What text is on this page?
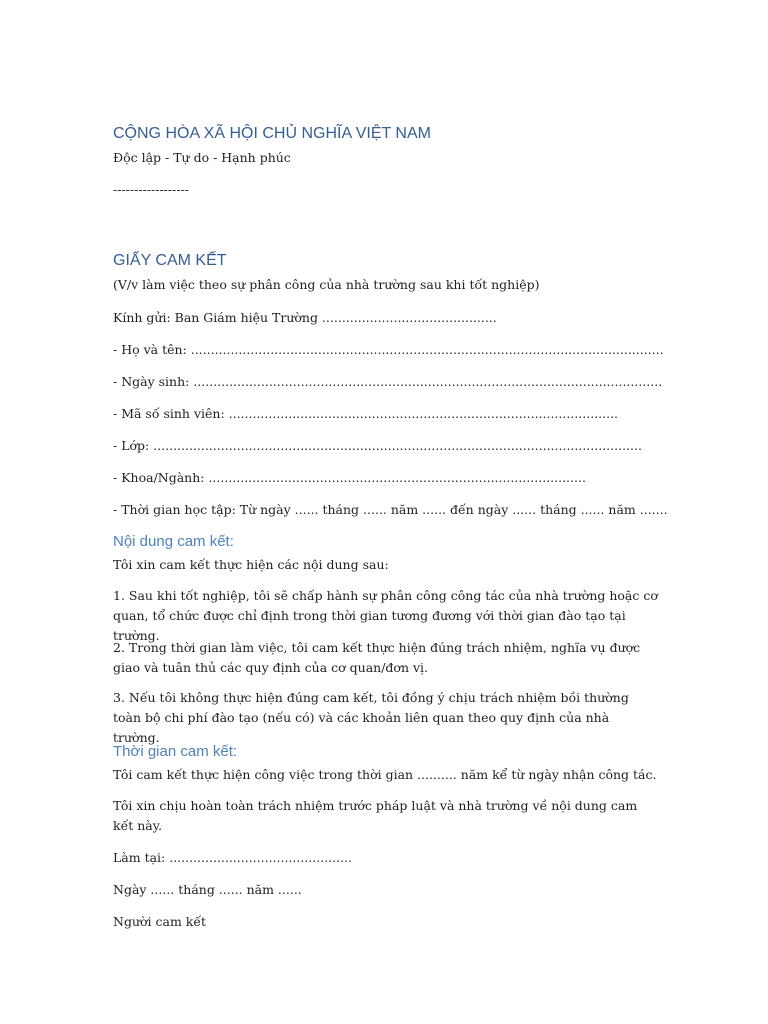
CỘNG HÒA XÃ HỘI CHỦ NGHĨA VIỆT NAM
Độc lập - Tự do - Hạnh phúc
------------------
GIẤY CAM KẾT
(V/v làm việc theo sự phân công của nhà trường sau khi tốt nghiệp)
Kính gửi: Ban Giám hiệu Trường ............................................
- Họ và tên: .......................................................................................................................
- Ngày sinh: ......................................................................................................................
- Mã số sinh viên: ..................................................................................................
- Lớp: ...........................................................................................................................
- Khoa/Ngành: ...............................................................................................
- Thời gian học tập: Từ ngày ...... tháng ...... năm ...... đến ngày ...... tháng ...... năm .......
Nội dung cam kết:
Tôi xin cam kết thực hiện các nội dung sau:
1. Sau khi tốt nghiệp, tôi sẽ chấp hành sự phân công công tác của nhà trường hoặc cơ quan, tổ chức được chỉ định trong thời gian tương đương với thời gian đào tạo tại trường.
2. Trong thời gian làm việc, tôi cam kết thực hiện đúng trách nhiệm, nghĩa vụ được giao và tuân thủ các quy định của cơ quan/đơn vị.
3. Nếu tôi không thực hiện đúng cam kết, tôi đồng ý chịu trách nhiệm bồi thường toàn bộ chi phí đào tạo (nếu có) và các khoản liên quan theo quy định của nhà trường.
Thời gian cam kết:
Tôi cam kết thực hiện công việc trong thời gian .......... năm kể từ ngày nhận công tác.
Tôi xin chịu hoàn toàn trách nhiệm trước pháp luật và nhà trường về nội dung cam kết này.
Làm tại: ..............................................
Ngày ...... tháng ...... năm ......
Người cam kết
